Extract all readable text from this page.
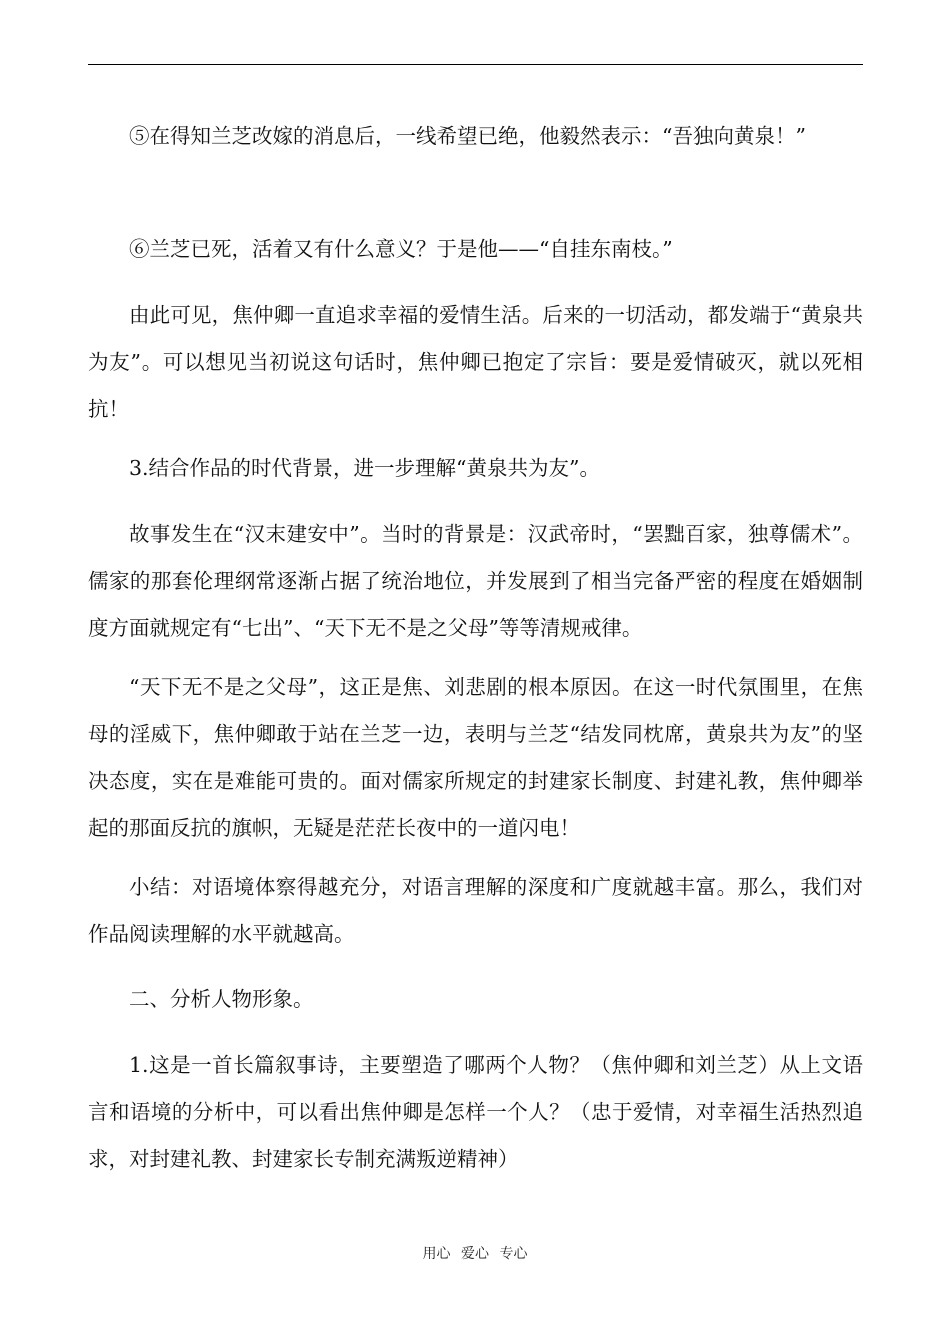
⑤在得知兰芝改嫁的消息后，一线希望已绝，他毅然表示：“吾独向黄泉！”

⑥兰芝已死，活着又有什么意义？于是他——“自挂东南枝。”

由此可见，焦仲卿一直追求幸福的爱情生活。后来的一切活动，都发端于“黄泉共为友”。可以想见当初说这句话时，焦仲卿已抱定了宗旨：要是爱情破灭，就以死相抗！

3.结合作品的时代背景，进一步理解“黄泉共为友”。

故事发生在“汉末建安中”。当时的背景是：汉武帝时，“罢黜百家，独尊儒术”。儒家的那套伦理纲常逐渐占据了统治地位，并发展到了相当完备严密的程度在婚姻制度方面就规定有“七出”、“天下无不是之父母”等等清规戒律。

“天下无不是之父母”，这正是焦、刘悲剧的根本原因。在这一时代氛围里，在焦母的淫威下，焦仲卿敢于站在兰芝一边，表明与兰芝“结发同枕席，黄泉共为友”的坚决态度，实在是难能可贵的。面对儒家所规定的封建家长制度、封建礼教，焦仲卿举起的那面反抗的旗帜，无疑是茫茫长夜中的一道闪电！

小结：对语境体察得越充分，对语言理解的深度和广度就越丰富。那么，我们对作品阅读理解的水平就越高。

二、分析人物形象。

1.这是一首长篇叙事诗，主要塑造了哪两个人物？（焦仲卿和刘兰芝）从上文语言和语境的分析中，可以看出焦仲卿是怎样一个人？（忠于爱情，对幸福生活热烈追求，对封建礼教、封建家长专制充满叛逆精神）

用心 爱心 专心
